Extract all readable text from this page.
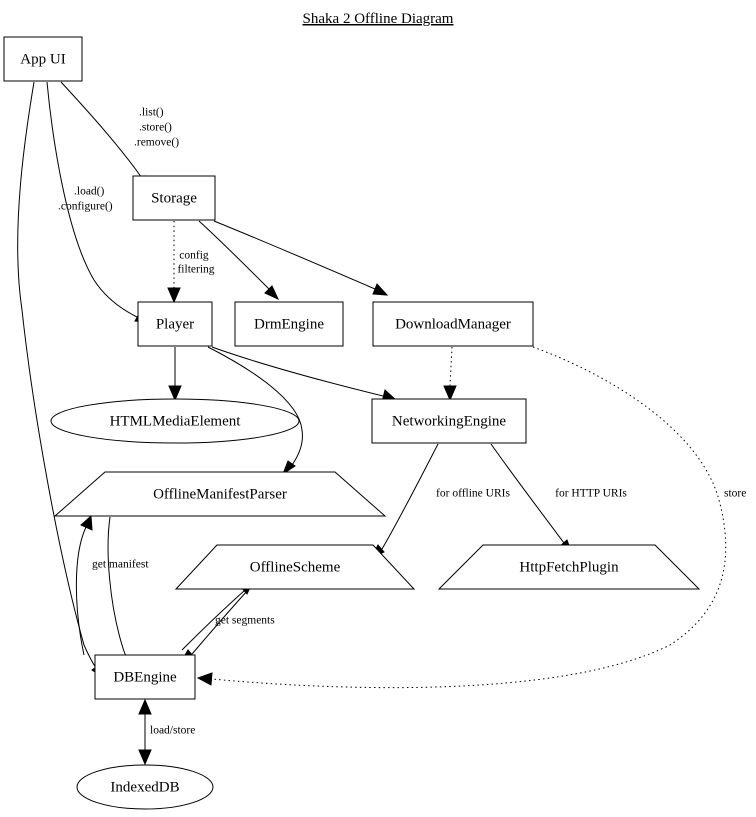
Shaka 2 Offline Diagram
.list()
.store()
.remove()
.load()
.configure()
config
filtering
for offline URIs	for HTTP URIs	store
get manifest
get segments
load/store
App UI
Storage
Player	DrmEngine	DownloadManager
HTMLMediaElement	NetworkingEngine
OfflineManifestParser
OfflineScheme	HttpFetchPlugin
DBEngine
IndexedDB
